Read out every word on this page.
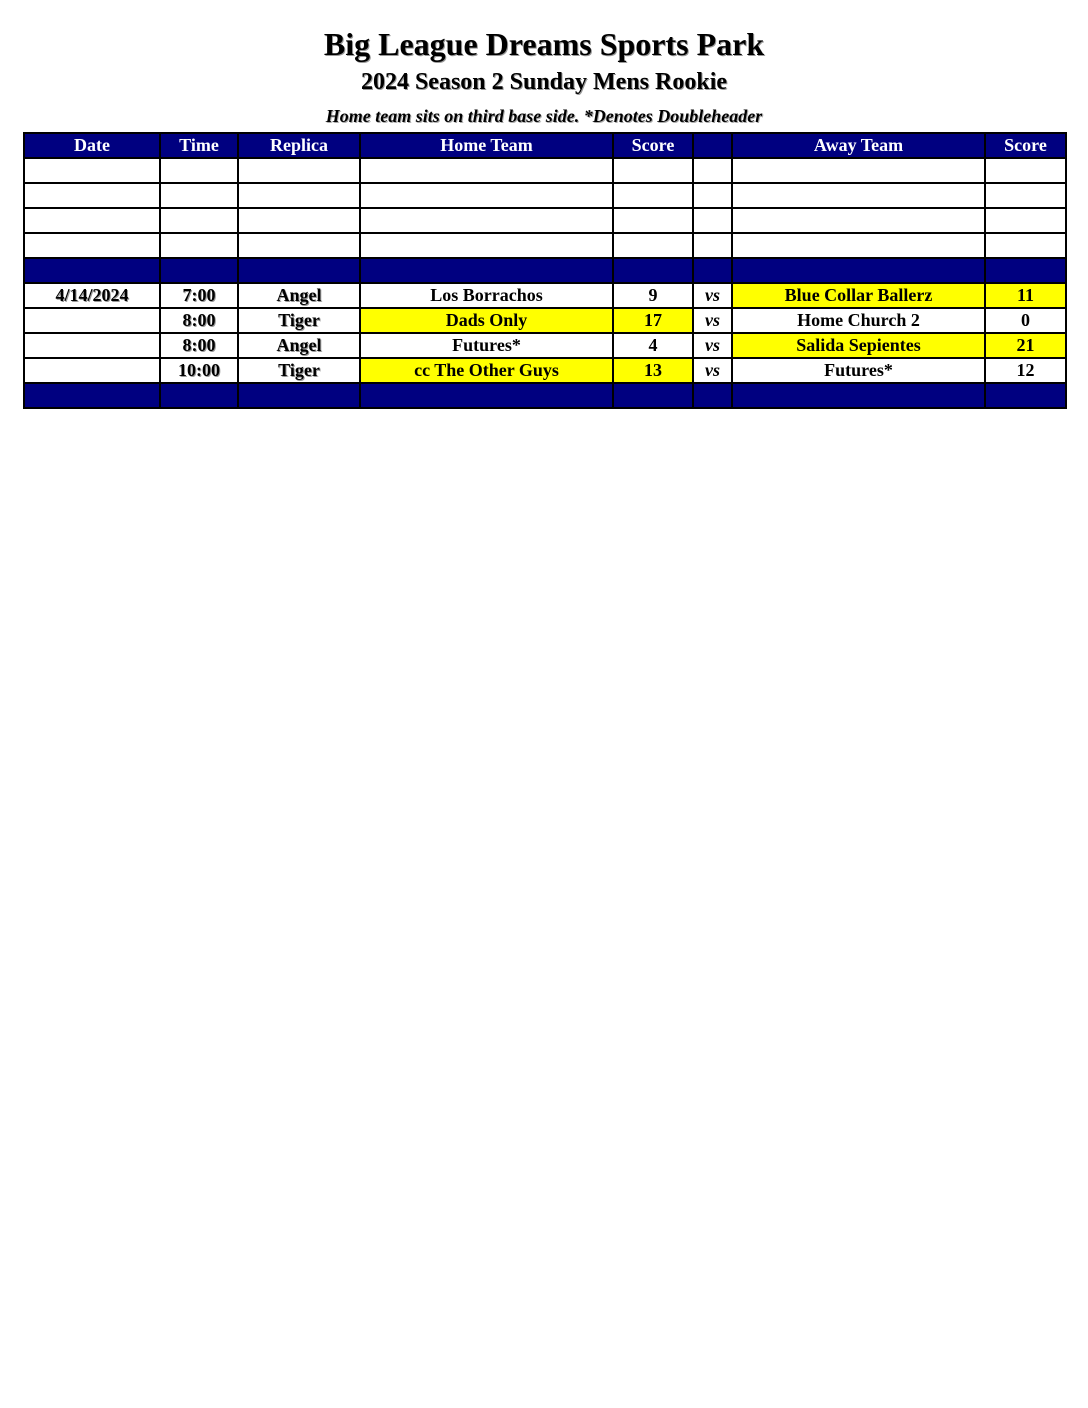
Big League Dreams Sports Park
2024 Season 2 Sunday Mens Rookie
Home team sits on third base side. *Denotes Doubleheader
Date	Time	Replica	Home Team	Score		Away Team	Score

4/14/2024	7:00	Angel	Los Borrachos	9	vs	Blue Collar Ballerz	11
	8:00	Tiger	Dads Only	17	vs	Home Church 2	0
	8:00	Angel	Futures*	4	vs	Salida Sepientes	21
	10:00	Tiger	cc The Other Guys	13	vs	Futures*	12
